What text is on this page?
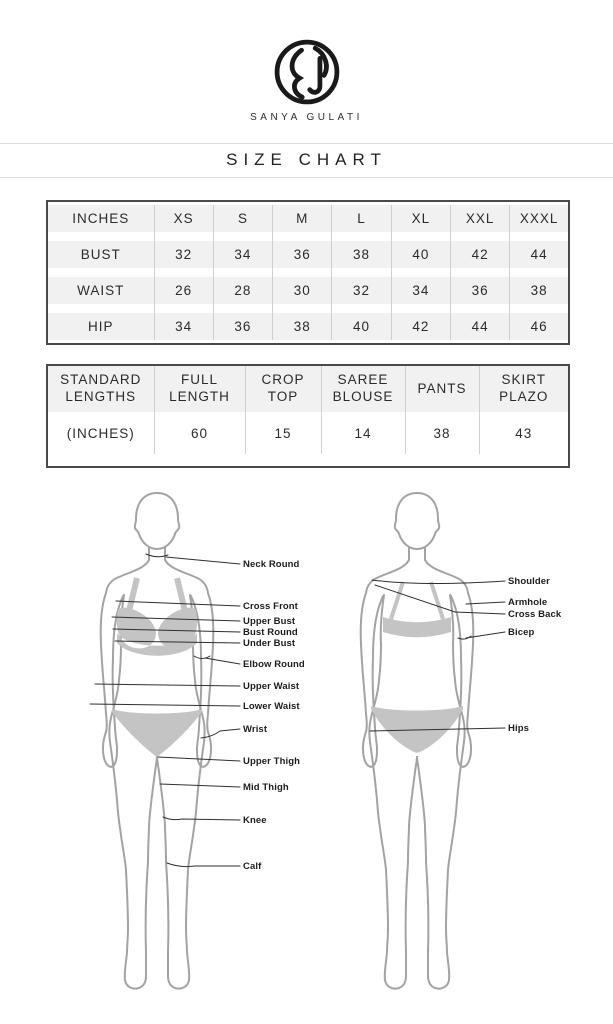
SANYA GULATI
SIZE CHART

INCHES	XS	S	M	L	XL	XXL	XXXL

BUST	32	34	36	38	40	42	44

WAIST	26	28	30	32	34	36	38

HIP	34	36	38	40	42	44	46

STANDARD LENGTHS	FULL LENGTH	CROP TOP	SAREE BLOUSE	PANTS	SKIRT PLAZO
(INCHES)	60	15	14	38	43

Neck Round
Cross Front
Upper Bust
Bust Round
Under Bust
Elbow Round
Upper Waist
Lower Waist
Wrist
Upper Thigh
Mid Thigh
Knee
Calf
Shoulder
Armhole
Cross Back
Bicep
Hips
